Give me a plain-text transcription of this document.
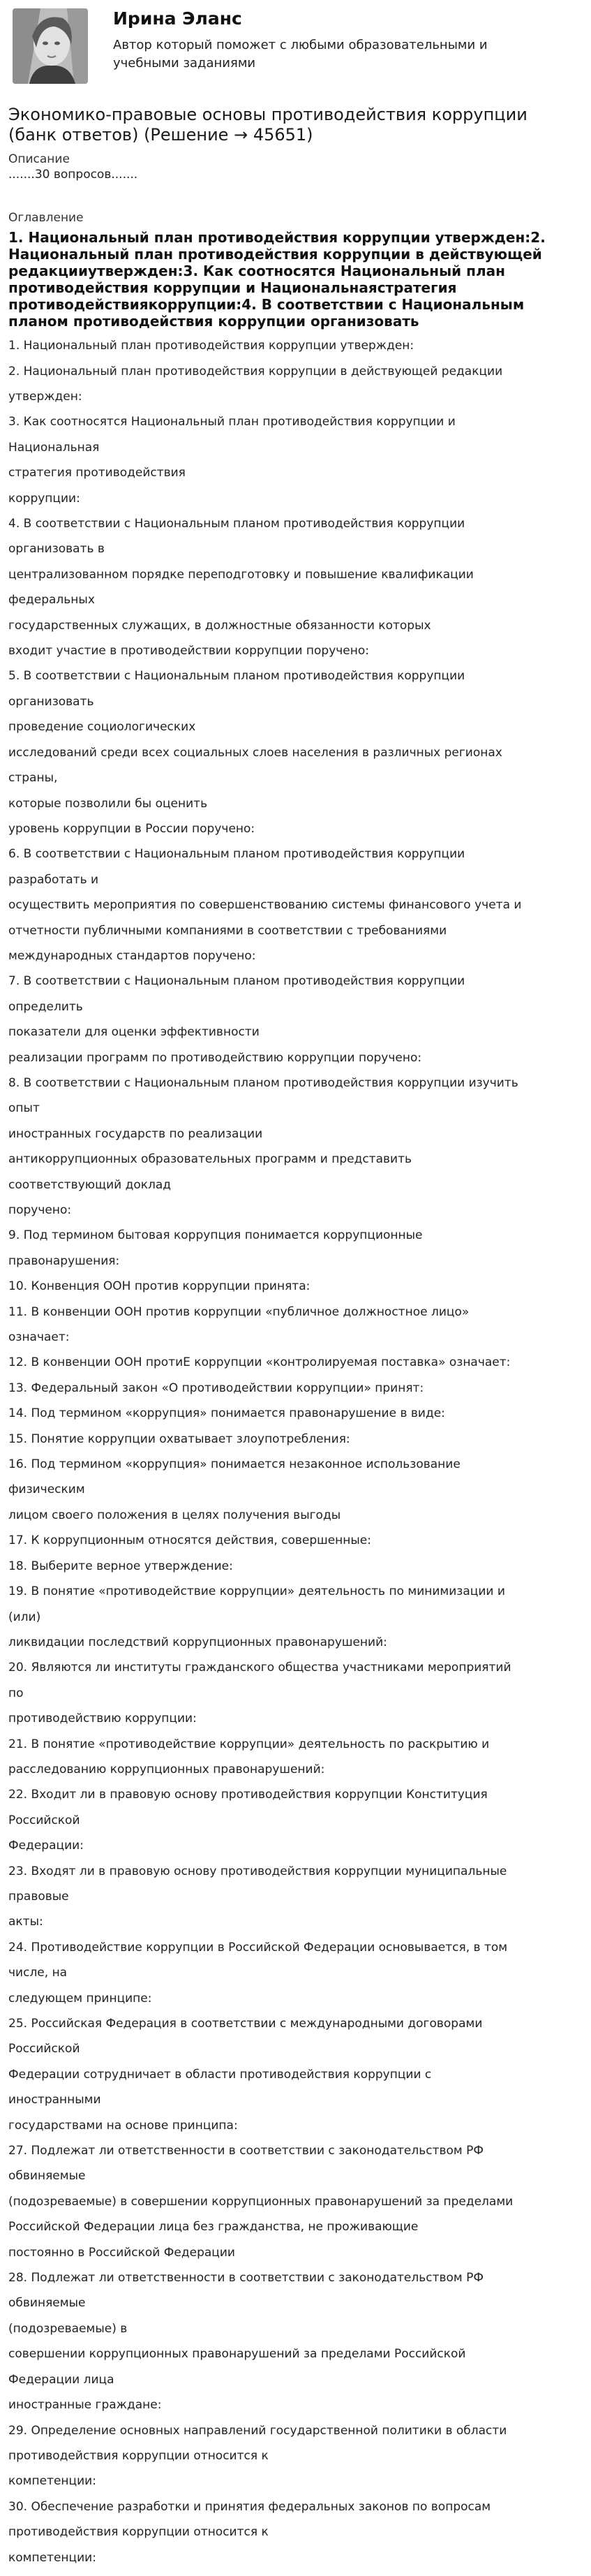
Ирина Эланс
Автор который поможет с любыми образовательными и учебными заданиями
Экономико-правовые основы противодействия коррупции (банк ответов) (Решение → 45651)
Описание
.......30 вопросов.......
Оглавление
1. Национальный план противодействия коррупции утвержден:2. Национальный план противодействия коррупции в действующей редакцииутвержден:3. Как соотносятся Национальный план противодействия коррупции и Национальнаястратегия противодействиякоррупции:4. В соответствии с Национальным планом противодействия коррупции организовать

1. Национальный план противодействия коррупции утвержден:

2. Национальный план противодействия коррупции в действующей редакции

утвержден:

3. Как соотносятся Национальный план противодействия коррупции и

Национальная

стратегия противодействия

коррупции:

4. В соответствии с Национальным планом противодействия коррупции

организовать в

централизованном порядке переподготовку и повышение квалификации

федеральных

государственных служащих, в должностные обязанности которых

входит участие в противодействии коррупции поручено:

5. В соответствии с Национальным планом противодействия коррупции

организовать

проведение социологических

исследований среди всех социальных слоев населения в различных регионах

страны,

которые позволили бы оценить

уровень коррупции в России поручено:

6. В соответствии с Национальным планом противодействия коррупции

разработать и

осуществить мероприятия по совершенствованию системы финансового учета и

отчетности публичными компаниями в соответствии с требованиями

международных стандартов поручено:

7. В соответствии с Национальным планом противодействия коррупции

определить

показатели для оценки эффективности

реализации программ по противодействию коррупции поручено:

8. В соответствии с Национальным планом противодействия коррупции изучить

опыт

иностранных государств по реализации

антикоррупционных образовательных программ и представить

соответствующий доклад

поручено:

9. Под термином бытовая коррупция понимается коррупционные

правонарушения:

10. Конвенция ООН против коррупции принята:

11. В конвенции ООН против коррупции «публичное должностное лицо»

означает:

12. В конвенции ООН протиЕ коррупции «контролируемая поставка» означает:

13. Федеральный закон «О противодействии коррупции» принят:

14. Под термином «коррупция» понимается правонарушение в виде:

15. Понятие коррупции охватывает злоупотребления:

16. Под термином «коррупция» понимается незаконное использование

физическим

лицом своего положения в целях получения выгоды

17. К коррупционным относятся действия, совершенные:

18. Выберите верное утверждение:

19. В понятие «противодействие коррупции» деятельность по минимизации и

(или)

ликвидации последствий коррупционных правонарушений:

20. Являются ли институты гражданского общества участниками мероприятий

по

противодействию коррупции:

21. В понятие «противодействие коррупции» деятельность по раскрытию и

расследованию коррупционных правонарушений:

22. Входит ли в правовую основу противодействия коррупции Конституция

Российской

Федерации:

23. Входят ли в правовую основу противодействия коррупции муниципальные

правовые

акты:

24. Противодействие коррупции в Российской Федерации основывается, в том

числе, на

следующем принципе:

25. Российская Федерация в соответствии с международными договорами

Российской

Федерации сотрудничает в области противодействия коррупции с

иностранными

государствами на основе принципа:

27. Подлежат ли ответственности в соответствии с законодательством РФ

обвиняемые

(подозреваемые) в совершении коррупционных правонарушений за пределами

Российской Федерации лица без гражданства, не проживающие

постоянно в Российской Федерации

28. Подлежат ли ответственности в соответствии с законодательством РФ

обвиняемые

(подозреваемые) в

совершении коррупционных правонарушений за пределами Российской

Федерации лица

иностранные граждане:

29. Определение основных направлений государственной политики в области

противодействия коррупции относится к

компетенции:

30. Обеспечение разработки и принятия федеральных законов по вопросам

противодействия коррупции относится к

компетенции:
